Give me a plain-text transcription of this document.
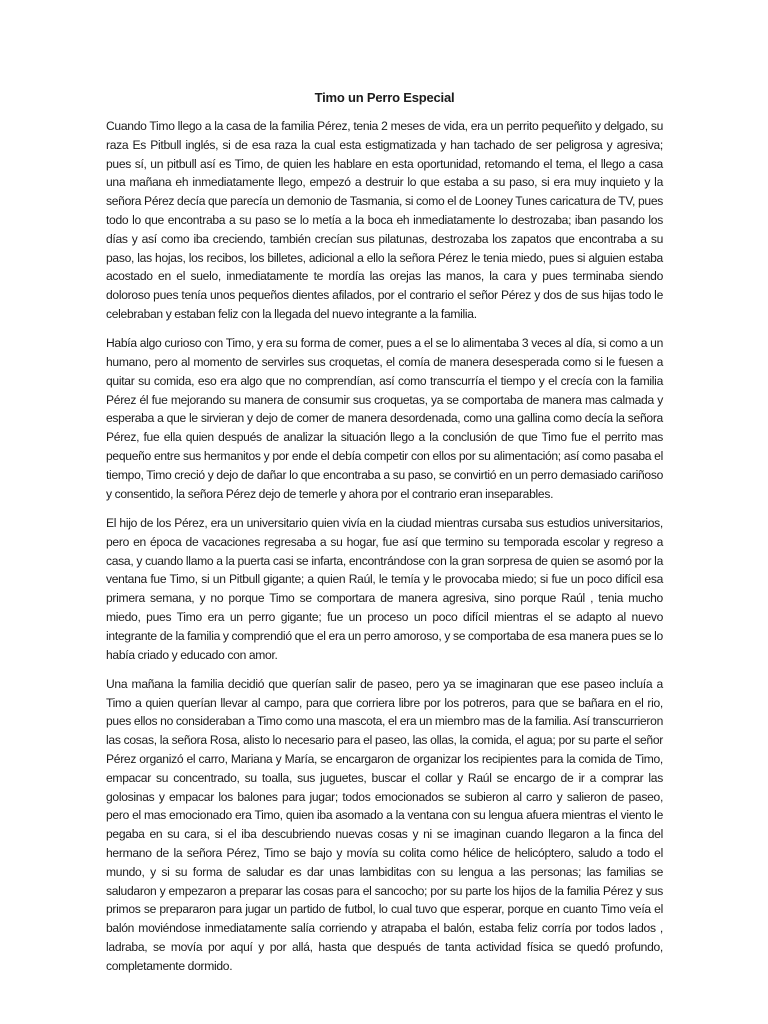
Timo un Perro Especial

Cuando Timo llego a la casa de la familia Pérez, tenia 2 meses de vida, era un perrito pequeñito y delgado, su raza Es Pitbull inglés, si de esa raza la cual esta estigmatizada y han tachado de ser peligrosa y agresiva; pues sí, un pitbull así es Timo, de quien les hablare en esta oportunidad, retomando el tema, el llego a casa una mañana eh inmediatamente llego, empezó a destruir lo que estaba a su paso, si era muy inquieto y la señora Pérez decía que parecía un demonio de Tasmania, si como el de Looney Tunes caricatura de TV, pues todo lo que encontraba a su paso se lo metía a la boca eh inmediatamente lo destrozaba; iban pasando los días y así como iba creciendo, también crecían sus pilatunas, destrozaba los zapatos que encontraba a su paso, las hojas, los recibos, los billetes, adicional a ello la señora Pérez le tenia miedo, pues si alguien estaba acostado en el suelo, inmediatamente te mordía las orejas las manos, la cara y pues terminaba siendo doloroso pues tenía unos pequeños dientes afilados, por el contrario el señor Pérez y dos de sus hijas todo le celebraban y estaban feliz con la llegada del nuevo integrante a la familia.

Había algo curioso con Timo, y era su forma de comer, pues a el se lo alimentaba 3 veces al día, si como a un humano, pero al momento de servirles sus croquetas, el comía de manera desesperada como si le fuesen a quitar su comida, eso era algo que no comprendían, así como transcurría el tiempo y el crecía con la familia Pérez él fue mejorando su manera de consumir sus croquetas, ya se comportaba de manera mas calmada y esperaba a que le sirvieran y dejo de comer de manera desordenada, como una gallina como decía la señora Pérez, fue ella quien después de analizar la situación llego a la conclusión de que Timo fue el perrito mas pequeño entre sus hermanitos y por ende el debía competir con ellos por su alimentación; así como pasaba el tiempo, Timo creció y dejo de dañar lo que encontraba a su paso, se convirtió en un perro demasiado cariñoso y consentido, la señora Pérez dejo de temerle y ahora por el contrario eran inseparables.

El hijo de los Pérez, era un universitario quien vivía en la ciudad mientras cursaba sus estudios universitarios, pero en época de vacaciones regresaba a su hogar, fue así que termino su temporada escolar y regreso a casa, y cuando llamo a la puerta casi se infarta, encontrándose con la gran sorpresa de quien se asomó por la ventana fue Timo, si un Pitbull gigante; a quien Raúl, le temía y le provocaba miedo; si fue un poco difícil esa primera semana, y no porque Timo se comportara de manera agresiva, sino porque Raúl , tenia mucho miedo, pues Timo era un perro gigante; fue un proceso un poco difícil mientras el se adapto al nuevo integrante de la familia y comprendió que el era un perro amoroso, y se comportaba de esa manera pues se lo había criado y educado con amor.

Una mañana la familia decidió que querían salir de paseo, pero ya se imaginaran que ese paseo incluía a Timo a quien querían llevar al campo, para que corriera libre por los potreros, para que se bañara en el rio, pues ellos no consideraban a Timo como una mascota, el era un miembro mas de la familia. Así transcurrieron las cosas, la señora Rosa, alisto lo necesario para el paseo, las ollas, la comida, el agua; por su parte el señor Pérez organizó el carro, Mariana y María, se encargaron de organizar los recipientes para la comida de Timo, empacar su concentrado, su toalla, sus juguetes, buscar el collar y Raúl se encargo de ir a comprar las golosinas y empacar los balones para jugar; todos emocionados se subieron al carro y salieron de paseo, pero el mas emocionado era Timo, quien iba asomado a la ventana con su lengua afuera mientras el viento le pegaba en su cara, si el iba descubriendo nuevas cosas y ni se imaginan cuando llegaron a la finca del hermano de la señora Pérez, Timo se bajo y movía su colita como hélice de helicóptero, saludo a todo el mundo, y si su forma de saludar es dar unas lambiditas con su lengua a las personas; las familias se saludaron y empezaron a preparar las cosas para el sancocho; por su parte los hijos de la familia Pérez y sus primos se prepararon para jugar un partido de futbol, lo cual tuvo que esperar, porque en cuanto Timo veía el balón moviéndose inmediatamente salía corriendo y atrapaba el balón, estaba feliz corría por todos lados , ladraba, se movía por aquí y por allá, hasta que después de tanta actividad física se quedó profundo, completamente dormido.
